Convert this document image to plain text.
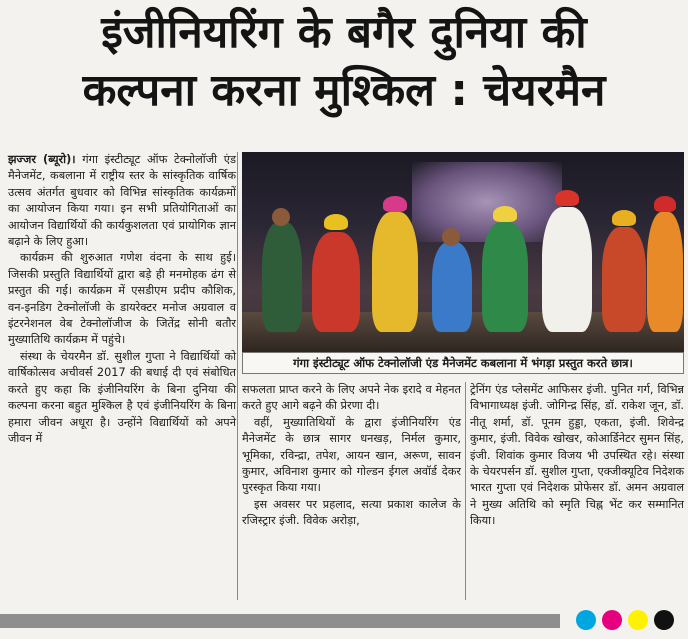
इंजीनियरिंग के बगैर दुनिया की
कल्पना करना मुश्किल : चेयरमैन

झज्जर (ब्यूरो)। गंगा इंस्टीट्यूट ऑफ टेक्नोलॉजी एंड मैनेजमेंट, कबलाना में राष्ट्रीय स्तर के सांस्कृतिक वार्षिक उत्सव अंतर्गत बुधवार को विभिन्न सांस्कृतिक कार्यक्रमों का आयोजन किया गया। इन सभी प्रतियोगिताओं का आयोजन विद्यार्थियों की कार्यकुशलता एवं प्रायोगिक ज्ञान बढ़ाने के लिए हुआ।

कार्यक्रम की शुरुआत गणेश वंदना के साथ हुई। जिसकी प्रस्तुति विद्यार्थियों द्वारा बड़े ही मनमोहक ढंग से प्रस्तुत की गई। कार्यक्रम में एसडीएम प्रदीप कौशिक, वन-इनडिग टेक्नोलॉजी के डायरेक्टर मनोज अग्रवाल व इंटरनेशनल वेब टेक्नोलॉजीज के जितेंद्र सोनी बतौर मुख्यातिथि कार्यक्रम में पहुंचे।

संस्था के चेयरमैन डॉ. सुशील गुप्ता ने विद्यार्थियों को वार्षिकोत्सव अचीवर्स 2017 की बधाई दी एवं संबोधित करते हुए कहा कि इंजीनियरिंग के बिना दुनिया की कल्पना करना बहुत मुश्किल है एवं इंजीनियरिंग के बिना हमारा जीवन अधूरा है। उन्होंने विद्यार्थियों को अपने जीवन में

गंगा इंस्टीट्यूट ऑफ टेक्नोलॉजी एंड मैनेजमेंट कबलाना में भंगड़ा प्रस्तुत करते छात्र।

सफलता प्राप्त करने के लिए अपने नेक इरादे व मेहनत करते हुए आगे बढ़ने की प्रेरणा दी।

वहीं, मुख्यातिथियों के द्वारा इंजीनियरिंग एंड मैनेजमेंट के छात्र सागर धनखड़, निर्मल कुमार, भूमिका, रविन्द्रा, तपेश, आयन खान, अरूण, सावन कुमार, अविनाश कुमार को गोल्डन ईगल अवॉर्ड देकर पुरस्कृत किया गया।

इस अवसर पर प्रहलाद, सत्या प्रकाश कालेज के रजिस्ट्रार इंजी. विवेक अरोड़ा,

ट्रेनिंग एंड प्लेसमेंट आफिसर इंजी. पुनित गर्ग, विभिन्न विभागाध्यक्ष इंजी. जोगिन्द्र सिंह, डॉ. राकेश जून, डॉ. नीतू शर्मा, डॉ. पूनम हुड्डा, एकता, इंजी. शिवेन्द्र कुमार, इंजी. विवेक खोखर, कोआर्डिनेटर सुमन सिंह, इंजी. शिवांक कुमार विजय भी उपस्थित रहे। संस्था के चेयरपर्सन डॉ. सुशील गुप्ता, एक्जीक्यूटिव निदेशक भारत गुप्ता एवं निदेशक प्रोफेसर डॉ. अमन अग्रवाल ने मुख्य अतिथि को स्मृति चिह्न भेंट कर सम्मानित किया।
